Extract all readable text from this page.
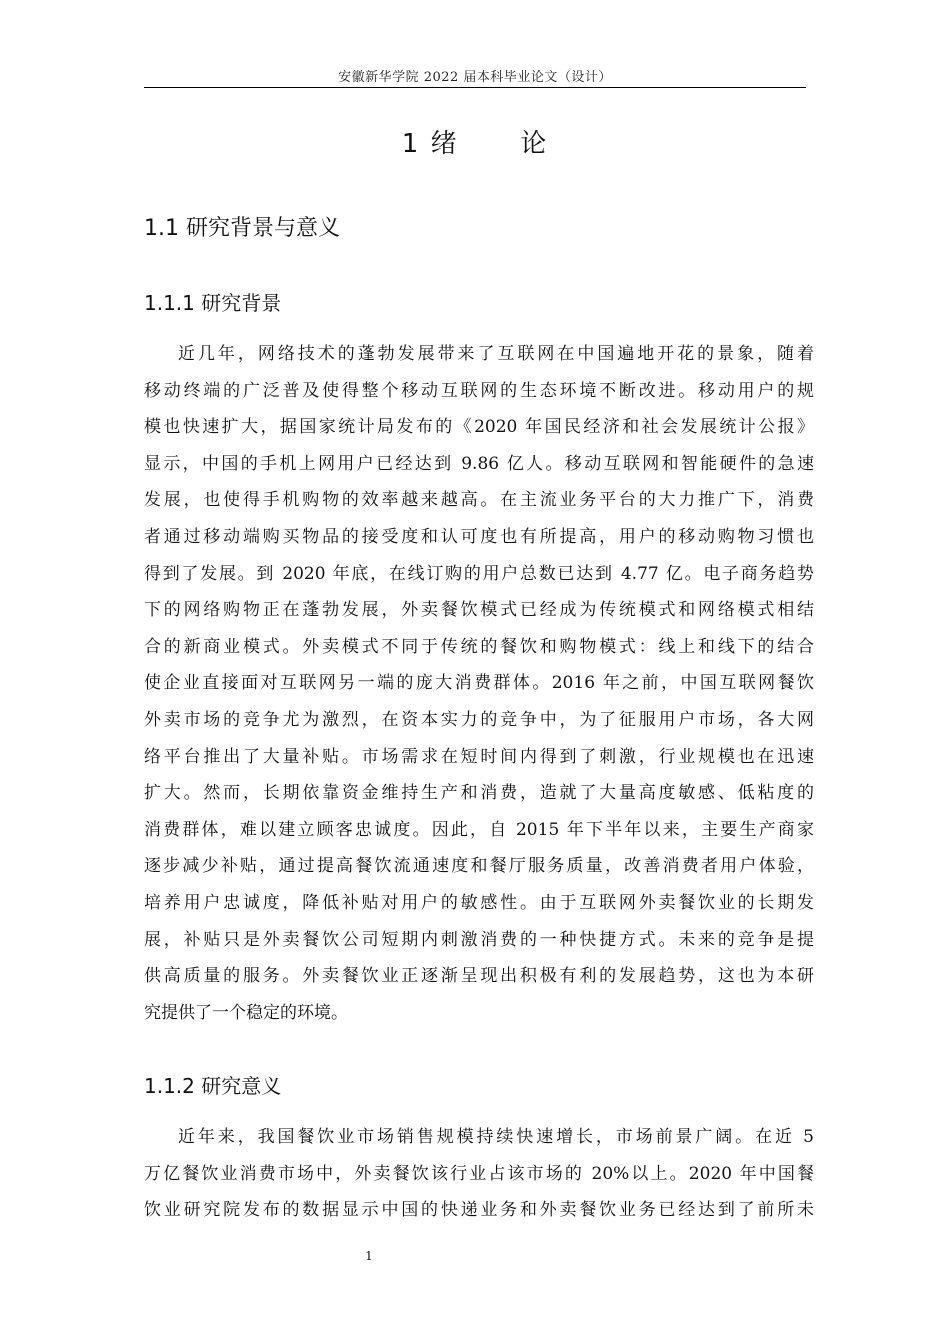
安徽新华学院 2022 届本科毕业论文（设计）
1 绪      论
1.1 研究背景与意义
1.1.1 研究背景
近几年，网络技术的蓬勃发展带来了互联网在中国遍地开花的景象，随着
移动终端的广泛普及使得整个移动互联网的生态环境不断改进。移动用户的规
模也快速扩大，据国家统计局发布的《2020 年国民经济和社会发展统计公报》
显示，中国的手机上网用户已经达到 9.86 亿人。移动互联网和智能硬件的急速
发展，也使得手机购物的效率越来越高。在主流业务平台的大力推广下，消费
者通过移动端购买物品的接受度和认可度也有所提高，用户的移动购物习惯也
得到了发展。到 2020 年底，在线订购的用户总数已达到 4.77 亿。电子商务趋势
下的网络购物正在蓬勃发展，外卖餐饮模式已经成为传统模式和网络模式相结
合的新商业模式。外卖模式不同于传统的餐饮和购物模式：线上和线下的结合
使企业直接面对互联网另一端的庞大消费群体。2016 年之前，中国互联网餐饮
外卖市场的竞争尤为激烈，在资本实力的竞争中，为了征服用户市场，各大网
络平台推出了大量补贴。市场需求在短时间内得到了刺激，行业规模也在迅速
扩大。然而，长期依靠资金维持生产和消费，造就了大量高度敏感、低粘度的
消费群体，难以建立顾客忠诚度。因此，自 2015 年下半年以来，主要生产商家
逐步减少补贴，通过提高餐饮流通速度和餐厅服务质量，改善消费者用户体验，
培养用户忠诚度，降低补贴对用户的敏感性。由于互联网外卖餐饮业的长期发
展，补贴只是外卖餐饮公司短期内刺激消费的一种快捷方式。未来的竞争是提
供高质量的服务。外卖餐饮业正逐渐呈现出积极有利的发展趋势，这也为本研
究提供了一个稳定的环境。
1.1.2 研究意义
近年来，我国餐饮业市场销售规模持续快速增长，市场前景广阔。在近 5
万亿餐饮业消费市场中，外卖餐饮该行业占该市场的 20%以上。2020 年中国餐
饮业研究院发布的数据显示中国的快递业务和外卖餐饮业务已经达到了前所未
1
